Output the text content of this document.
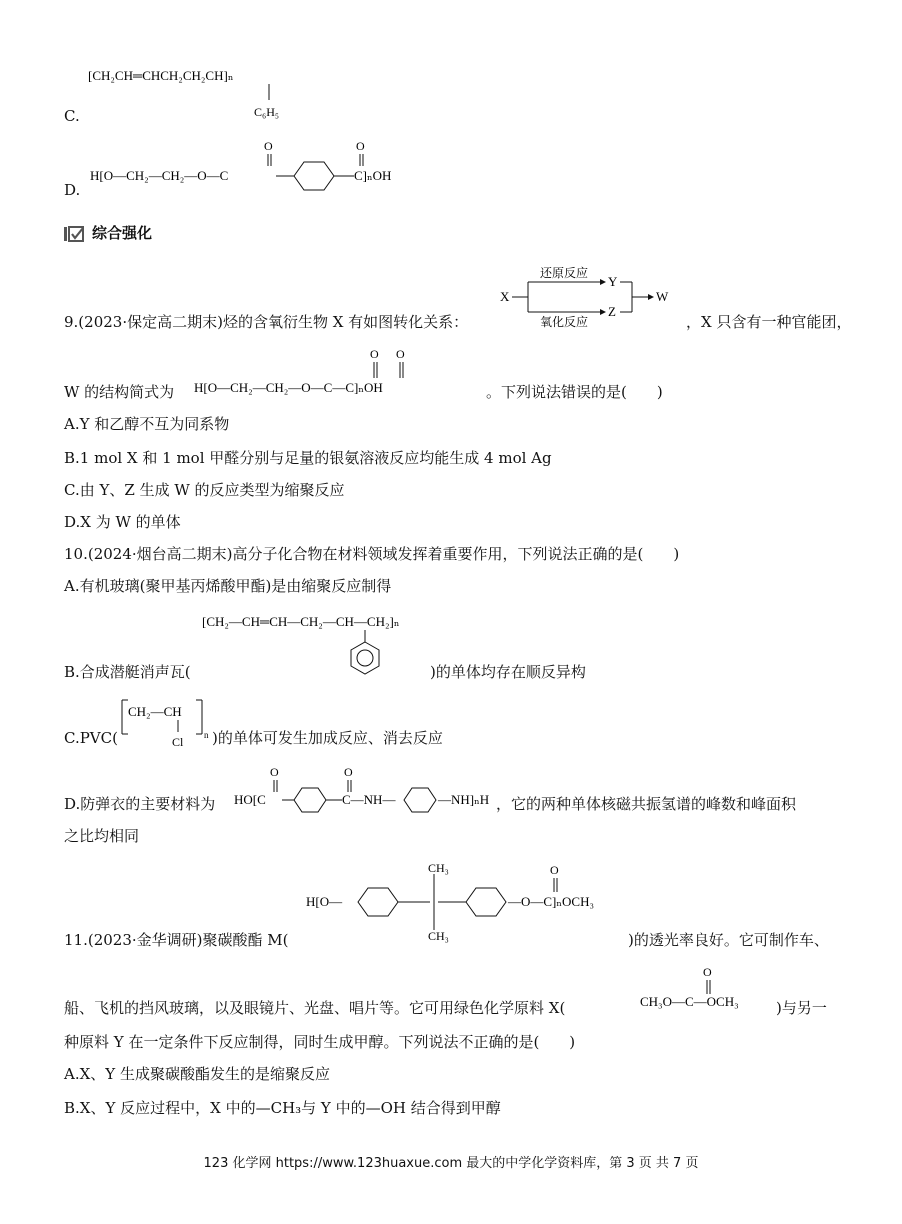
[CH₂CH═CHCH₂CH₂CH]ₙ
C₆H₅
C.
H[O—CH₂—CH₂—O—C
O
C]ₙOH
O
D.
综合强化
9.(2023·保定高二期末)烃的含氧衍生物 X 有如图转化关系：
X
还原反应
氧化反应
Y
Z
W
，X 只含有一种官能团，
W 的结构简式为 H[O—CH₂—CH₂—O—C—C]ₙOH
O O
。下列说法错误的是(　　)
A.Y 和乙醇不互为同系物
B.1 mol X 和 1 mol 甲醛分别与足量的银氨溶液反应均能生成 4 mol Ag
C.由 Y、Z 生成 W 的反应类型为缩聚反应
D.X 为 W 的单体
10.(2024·烟台高二期末)高分子化合物在材料领域发挥着重要作用，下列说法正确的是(　　)
A.有机玻璃(聚甲基丙烯酸甲酯)是由缩聚反应制得
[CH₂—CH═CH—CH₂—CH—CH₂]ₙ
B.合成潜艇消声瓦(	)的单体均存在顺反异构
CH₂—CH
Cl n
C.PVC(	)的单体可发生加成反应、消去反应
D.防弹衣的主要材料为 HO[C
O
C—NH—
O
—NH]ₙH ，它的两种单体核磁共振氢谱的峰数和峰面积
之比均相同
H[O—
CH₃
CH₃
—O—C]ₙOCH₃
O
11.(2023·金华调研)聚碳酸酯 M(	)的透光率良好。它可制作车、
船、飞机的挡风玻璃，以及眼镜片、光盘、唱片等。它可用绿色化学原料 X(	CH₃O—C—OCH₃
O
)与另一
种原料 Y 在一定条件下反应制得，同时生成甲醇。下列说法不正确的是(　　)
A.X、Y 生成聚碳酸酯发生的是缩聚反应
B.X、Y 反应过程中，X 中的—CH₃与 Y 中的—OH 结合得到甲醇
123 化学网 https://www.123huaxue.com 最大的中学化学资料库，第 3 页 共 7 页
